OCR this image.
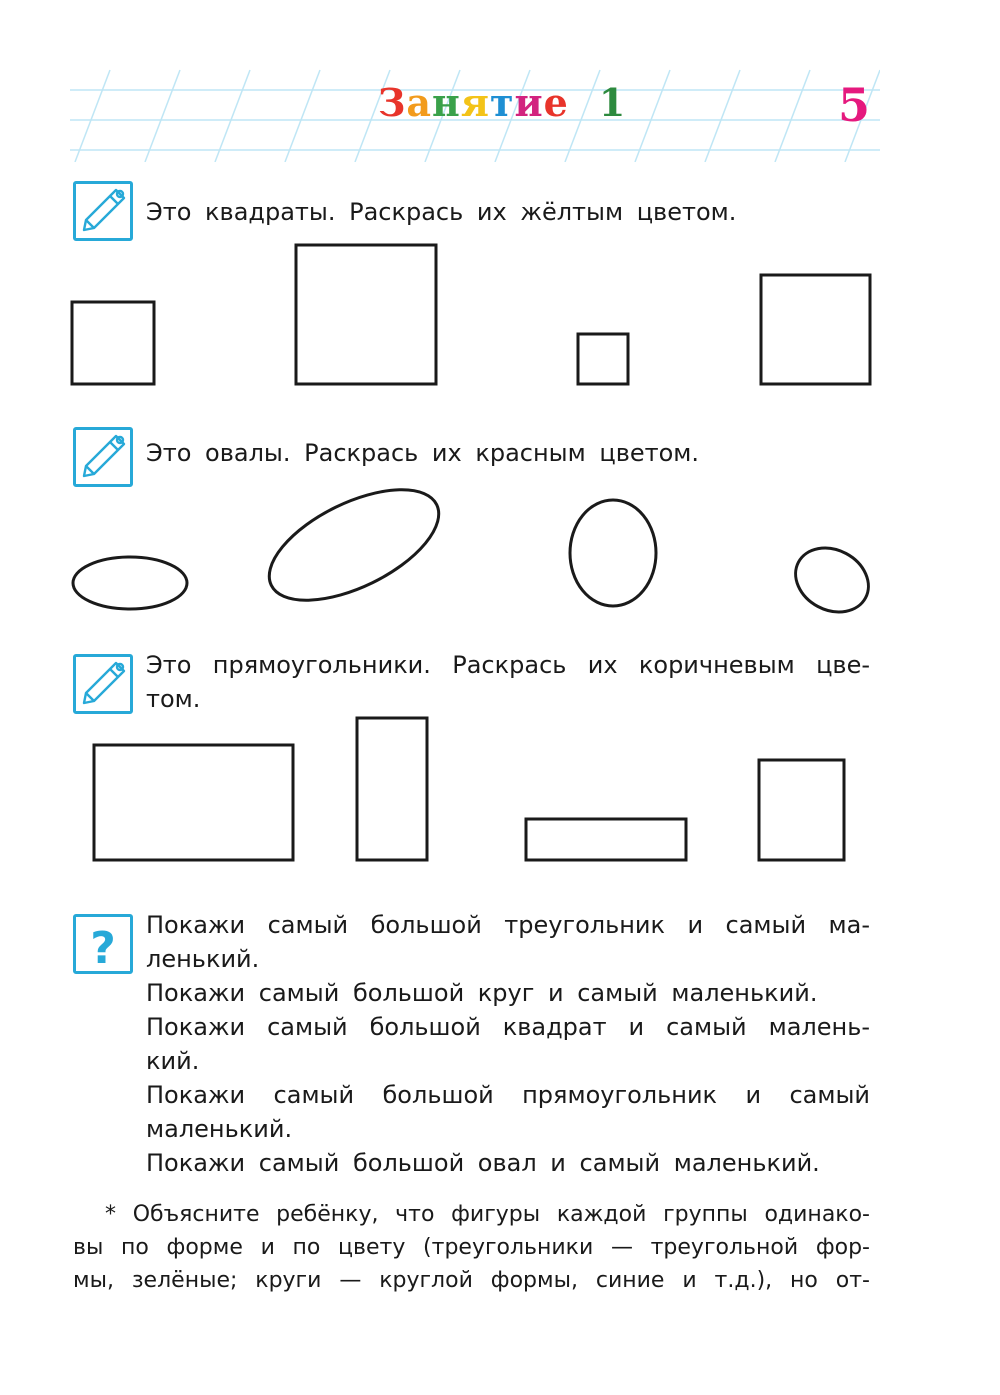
Занятие 1	5
Это квадраты. Раскрась их жёлтым цветом.
Это овалы. Раскрась их красным цветом.
Это прямоугольники. Раскрась их коричневым цве-
том.
? Покажи самый большой треугольник и самый ма-
ленький.
Покажи самый большой круг и самый маленький.
Покажи самый большой квадрат и самый малень-
кий.
Покажи самый большой прямоугольник и самый
маленький.
Покажи самый большой овал и самый маленький.
* Объясните ребёнку, что фигуры каждой группы одинако-
вы по форме и по цвету (треугольники — треугольной фор-
мы, зелёные; круги — круглой формы, синие и т.д.), но от-
